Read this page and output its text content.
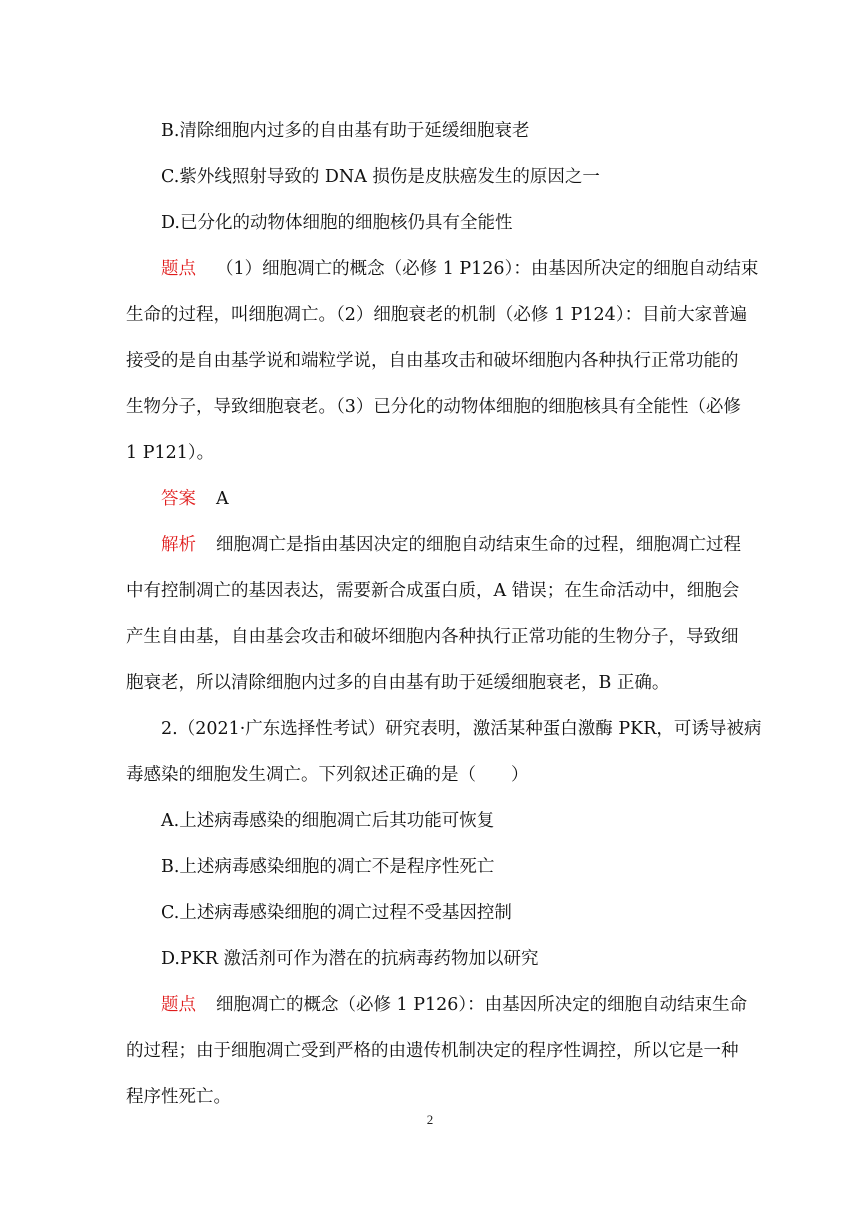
B.清除细胞内过多的自由基有助于延缓细胞衰老
C.紫外线照射导致的 DNA 损伤是皮肤癌发生的原因之一
D.已分化的动物体细胞的细胞核仍具有全能性
题点 （1）细胞凋亡的概念（必修 1 P126）：由基因所决定的细胞自动结束
生命的过程，叫细胞凋亡。（2）细胞衰老的机制（必修 1 P124）：目前大家普遍
接受的是自由基学说和端粒学说，自由基攻击和破坏细胞内各种执行正常功能的
生物分子，导致细胞衰老。（3）已分化的动物体细胞的细胞核具有全能性（必修
1 P121）。
答案 A
解析 细胞凋亡是指由基因决定的细胞自动结束生命的过程，细胞凋亡过程
中有控制凋亡的基因表达，需要新合成蛋白质，A 错误；在生命活动中，细胞会
产生自由基，自由基会攻击和破坏细胞内各种执行正常功能的生物分子，导致细
胞衰老，所以清除细胞内过多的自由基有助于延缓细胞衰老，B 正确。
2.（2021·广东选择性考试）研究表明，激活某种蛋白激酶 PKR，可诱导被病
毒感染的细胞发生凋亡。下列叙述正确的是（　　）
A.上述病毒感染的细胞凋亡后其功能可恢复
B.上述病毒感染细胞的凋亡不是程序性死亡
C.上述病毒感染细胞的凋亡过程不受基因控制
D.PKR 激活剂可作为潜在的抗病毒药物加以研究
题点 细胞凋亡的概念（必修 1 P126）：由基因所决定的细胞自动结束生命
的过程；由于细胞凋亡受到严格的由遗传机制决定的程序性调控，所以它是一种
程序性死亡。
2
